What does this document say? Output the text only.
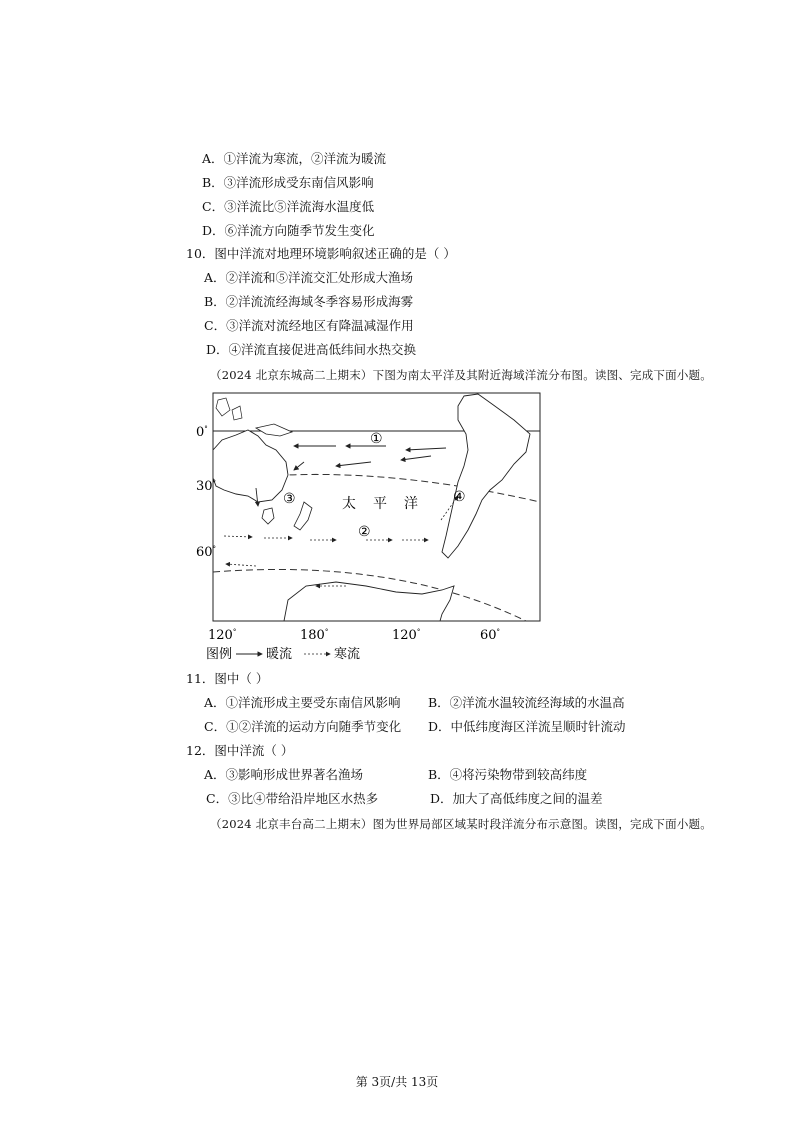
A．①洋流为寒流，②洋流为暖流
B．③洋流形成受东南信风影响
C．③洋流比⑤洋流海水温度低
D．⑥洋流方向随季节发生变化
10．图中洋流对地理环境影响叙述正确的是（ ）
A．②洋流和⑤洋流交汇处形成大渔场
B．②洋流流经海域冬季容易形成海雾
C．③洋流对流经地区有降温减湿作用
D．④洋流直接促进高低纬间水热交换
（2024 北京东城高二上期末）下图为南太平洋及其附近海域洋流分布图。读图、完成下面小题。
0°
30°
60°
120°	180°	120°	60°
太 平 洋
①
②
③	④
图例	暖流	寒流
11．图中（ ）
A．①洋流形成主要受东南信风影响 B．②洋流水温较流经海域的水温高
C．①②洋流的运动方向随季节变化 D．中低纬度海区洋流呈顺时针流动
12．图中洋流（ ）
A．③影响形成世界著名渔场	B．④将污染物带到较高纬度
C．③比④带给沿岸地区水热多	D．加大了高低纬度之间的温差
（2024 北京丰台高二上期末）图为世界局部区域某时段洋流分布示意图。读图，完成下面小题。
第 3页/共 13页
